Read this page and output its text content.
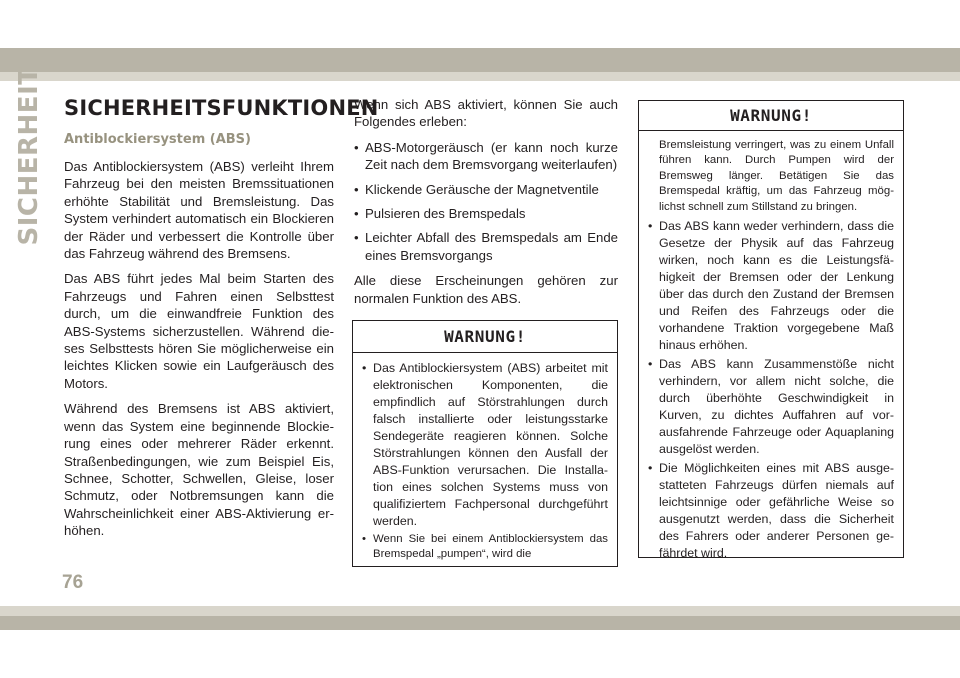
SICHERHEIT SICHERHEITSFUNKTIONEN
Antiblockiersystem (ABS)

Das Antiblockiersystem (ABS) verleiht Ihrem Fahrzeug bei den meisten Bremssituationen erhöhte Stabilität und Bremsleistung. Das System verhindert automatisch ein Blockieren der Räder und verbessert die Kontrolle über das Fahrzeug während des Bremsens.

Das ABS führt jedes Mal beim Starten des Fahrzeugs und Fahren einen Selbsttest durch, um die einwandfreie Funktion des ABS-Systems sicherzustellen. Während dieses Selbsttests hören Sie möglicherweise ein leichtes Klicken sowie ein Laufgeräusch des Motors.

Während des Bremsens ist ABS aktiviert, wenn das System eine beginnende Blockierung eines oder mehrerer Räder erkennt. Straßenbedingungen, wie zum Beispiel Eis, Schnee, Schotter, Schwellen, Gleise, loser Schmutz, oder Notbremsungen kann die Wahrscheinlichkeit einer ABS-Aktivierung erhöhen.

Wenn sich ABS aktiviert, können Sie auch Folgendes erleben:

• ABS-Motorgeräusch (er kann noch kurze Zeit nach dem Bremsvorgang weiterlaufen)
• Klickende Geräusche der Magnetventile
• Pulsieren des Bremspedals
• Leichter Abfall des Bremspedals am Ende eines Bremsvorgangs

Alle diese Erscheinungen gehören zur normalen Funktion des ABS.

WARNUNG!
• Das Antiblockiersystem (ABS) arbeitet mit elektronischen Komponenten, die empfindlich auf Störstrahlungen durch falsch installierte oder leistungsstarke Sendegeräte reagieren können. Solche Störstrahlungen können den Ausfall der ABS-Funktion verursachen. Die Installation eines solchen Systems muss von qualifiziertem Fachpersonal durchgeführt werden.
• Wenn Sie bei einem Antiblockiersystem das Bremspedal „pumpen“, wird die
WARNUNG!

Bremsleistung verringert, was zu einem Unfall führen kann. Durch Pumpen wird der Bremsweg länger. Betätigen Sie das Bremspedal kräftig, um das Fahrzeug möglichst schnell zum Stillstand zu bringen.

• Das ABS kann weder verhindern, dass die Gesetze der Physik auf das Fahrzeug wirken, noch kann es die Leistungsfähigkeit der Bremsen oder der Lenkung über das durch den Zustand der Bremsen und Reifen des Fahrzeugs oder die vorhandene Traktion vorgegebene Maß hinaus erhöhen.
• Das ABS kann Zusammenstöße nicht verhindern, vor allem nicht solche, die durch überhöhte Geschwindigkeit in Kurven, zu dichtes Auffahren auf vorausfahrende Fahrzeuge oder Aquaplaning ausgelöst werden.
• Die Möglichkeiten eines mit ABS ausgestatteten Fahrzeugs dürfen niemals auf leichtsinnige oder gefährliche Weise so ausgenutzt werden, dass die Sicherheit des Fahrers oder anderer Personen gefährdet wird.
76
